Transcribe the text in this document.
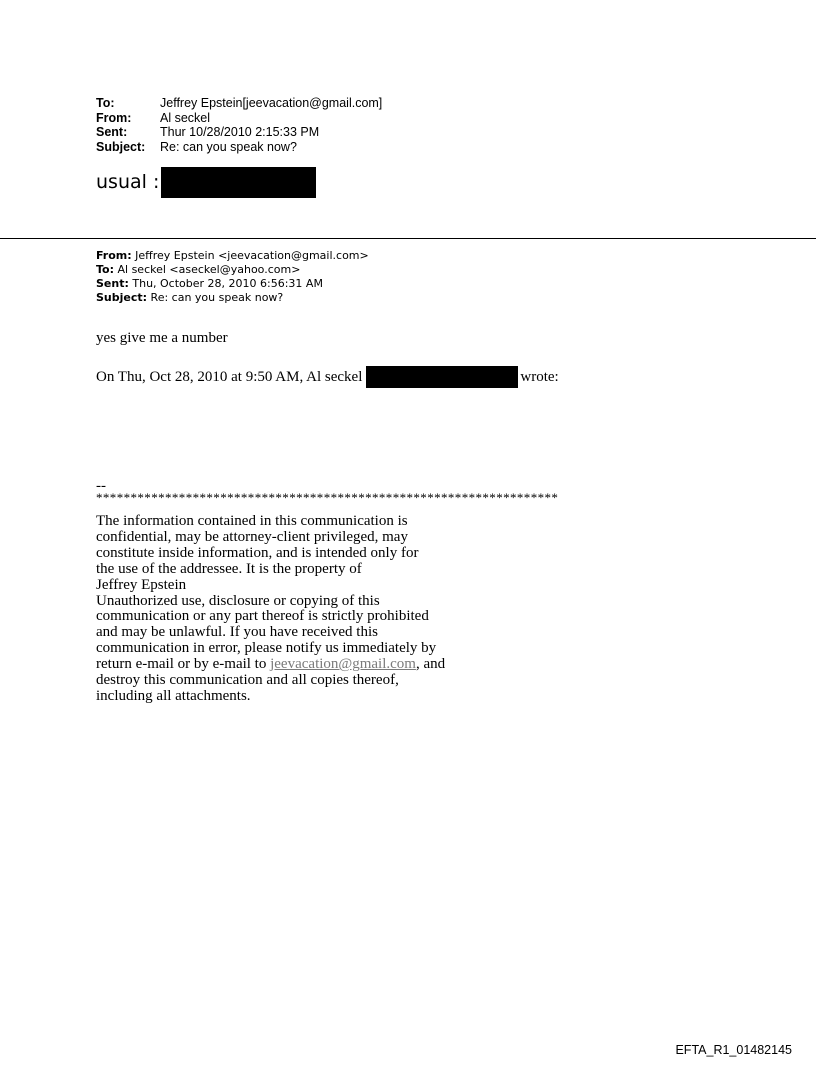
To:	Jeffrey Epstein[jeevacation@gmail.com]
From:	Al seckel
Sent:	Thur 10/28/2010 2:15:33 PM
Subject:	Re: can you speak now?
usual :
From: Jeffrey Epstein <jeevacation@gmail.com>
To: Al seckel <aseckel@yahoo.com>
Sent: Thu, October 28, 2010 6:56:31 AM
Subject: Re: can you speak now?
yes give me a number
On Thu, Oct 28, 2010 at 9:50 AM, Al seckel	wrote:
--
*******************************************************************
The information contained in this communication is
confidential, may be attorney-client privileged, may
constitute inside information, and is intended only for
the use of the addressee. It is the property of
Jeffrey Epstein
Unauthorized use, disclosure or copying of this
communication or any part thereof is strictly prohibited
and may be unlawful. If you have received this
communication in error, please notify us immediately by
return e-mail or by e-mail to jeevacation@gmail.com, and
destroy this communication and all copies thereof,
including all attachments.
EFTA_R1_01482145
